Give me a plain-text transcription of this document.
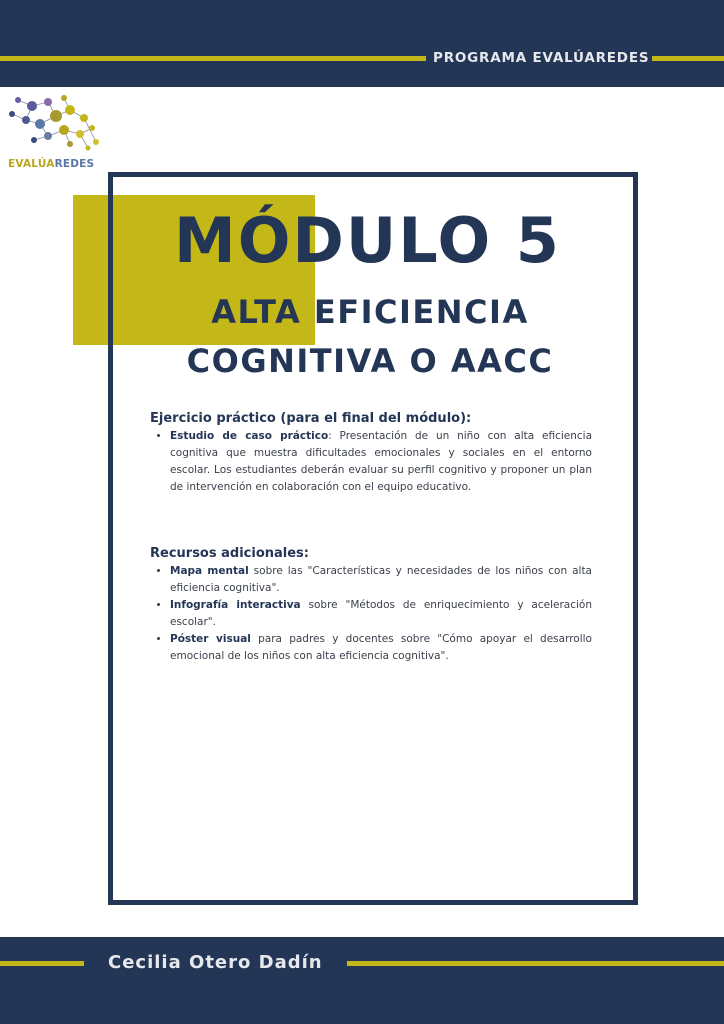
PROGRAMA EVALÚAREDES
EVALÚAREDES
MÓDULO 5
ALTA EFICIENCIA
COGNITIVA O AACC
Ejercicio práctico (para el final del módulo):
• Estudio de caso práctico: Presentación de un niño con alta eficiencia cognitiva que muestra dificultades emocionales y sociales en el entorno escolar. Los estudiantes deberán evaluar su perfil cognitivo y proponer un plan de intervención en colaboración con el equipo educativo.
Recursos adicionales:
• Mapa mental sobre las "Características y necesidades de los niños con alta eficiencia cognitiva".
• Infografía interactiva sobre "Métodos de enriquecimiento y aceleración escolar".
• Póster visual para padres y docentes sobre "Cómo apoyar el desarrollo emocional de los niños con alta eficiencia cognitiva".
Cecilia Otero Dadín
